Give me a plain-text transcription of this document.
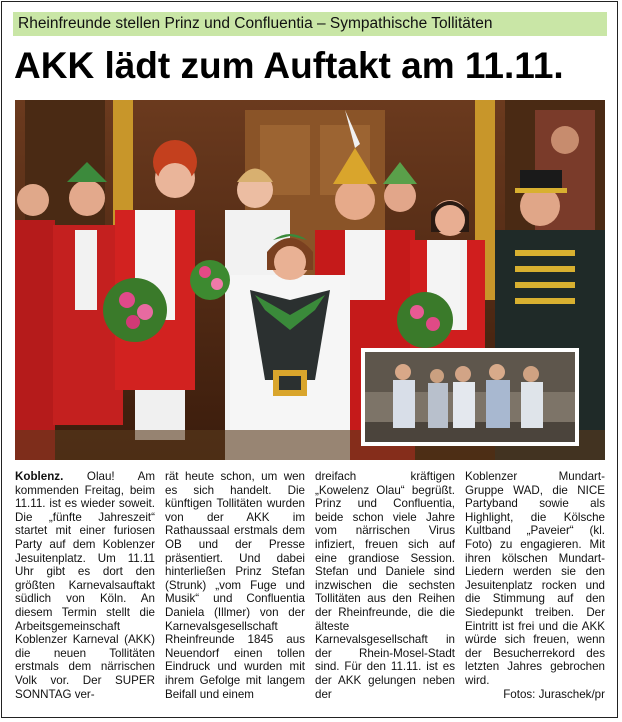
Rheinfreunde stellen Prinz und Confluentia – Sympathische Tollitäten
AKK lädt zum Auftakt am 11.11.

Koblenz. Olau! Am kommenden Freitag, beim 11.11. ist es wieder soweit. Die „fünfte Jahreszeit“ startet mit einer furiosen Party auf dem Koblenzer Jesuitenplatz. Um 11.11 Uhr gibt es dort den größten Karnevalsauftakt südlich von Köln. An diesem Termin stellt die Arbeitsgemeinschaft Koblenzer Karneval (AKK) die neuen Tollitäten erstmals dem närrischen Volk vor. Der SUPER SONNTAG ver-

rät heute schon, um wen es sich handelt. Die künftigen Tollitäten wurden von der AKK im Rathaussaal erstmals dem OB und der Presse präsentiert. Und dabei hinterließen Prinz Stefan (Strunk) „vom Fuge und Musik“ und Confluentia Daniela (Illmer) von der Karnevalsgesellschaft Rheinfreunde 1845 aus Neuendorf einen tollen Eindruck und wurden mit ihrem Gefolge mit langem Beifall und einem

dreifach kräftigen „Kowelenz Olau“ begrüßt. Prinz und Confluentia, beide schon viele Jahre vom närrischen Virus infiziert, freuen sich auf eine grandiose Session. Stefan und Daniele sind inzwischen die sechsten Tollitäten aus den Reihen der Rheinfreunde, die die älteste Karnevalsgesellschaft in der Rhein-Mosel-Stadt sind. Für den 11.11. ist es der AKK gelungen neben der

Koblenzer Mundart-Gruppe WAD, die NICE Partyband sowie als Highlight, die Kölsche Kultband „Paveier“ (kl. Foto) zu engagieren. Mit ihren kölschen Mundart-Liedern werden sie den Jesuitenplatz rocken und die Stimmung auf den Siedepunkt treiben. Der Eintritt ist frei und die AKK würde sich freuen, wenn der Besucherrekord des letzten Jahres gebrochen wird.

Fotos: Juraschek/pr
